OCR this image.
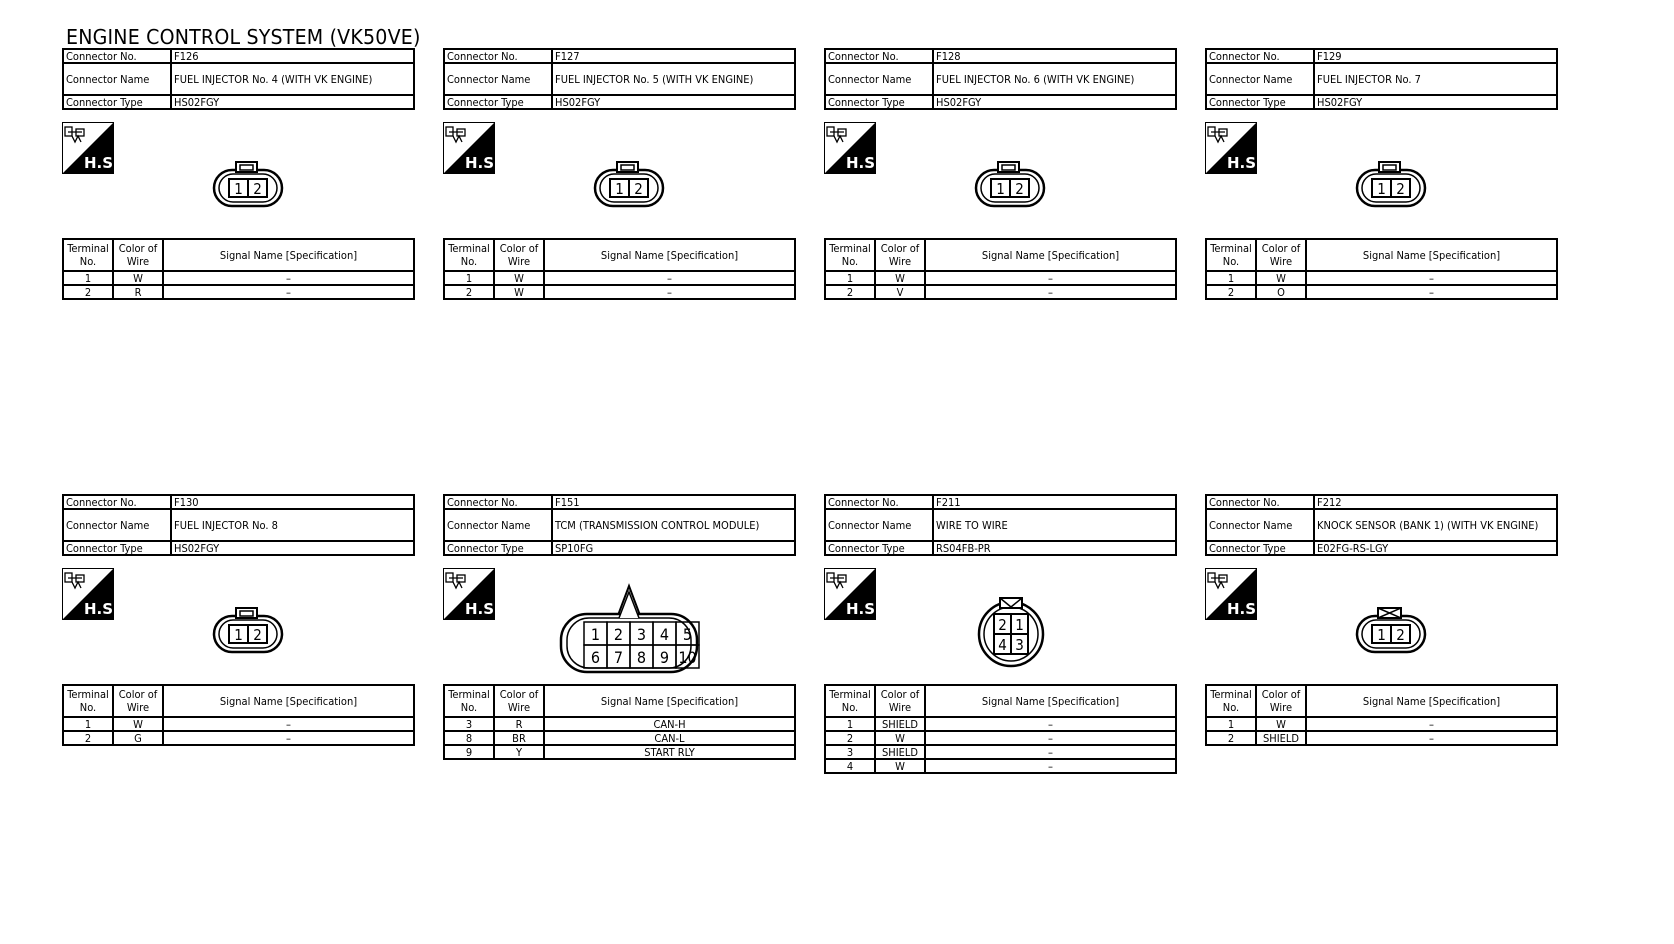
ENGINE CONTROL SYSTEM (VK50VE)
Connector No.	F126
Connector Name	FUEL INJECTOR No. 4 (WITH VK ENGINE)
Connector Type	HS02FGY
H.S.
1 2
Terminal No.	Color of Wire	Signal Name [Specification]
1	W	–
2	R	–
Connector No.	F127
Connector Name	FUEL INJECTOR No. 5 (WITH VK ENGINE)
Connector Type	HS02FGY
H.S.
1 2
Terminal No.	Color of Wire	Signal Name [Specification]
1	W	–
2	W	–
Connector No.	F128
Connector Name	FUEL INJECTOR No. 6 (WITH VK ENGINE)
Connector Type	HS02FGY
H.S.
1 2
Terminal No.	Color of Wire	Signal Name [Specification]
1	W	–
2	V	–
Connector No.	F129
Connector Name	FUEL INJECTOR No. 7
Connector Type	HS02FGY
H.S.
1 2
Terminal No.	Color of Wire	Signal Name [Specification]
1	W	–
2	O	–
Connector No.	F130
Connector Name	FUEL INJECTOR No. 8
Connector Type	HS02FGY
H.S.
1 2
Terminal No.	Color of Wire	Signal Name [Specification]
1	W	–
2	G	–
Connector No.	F151
Connector Name	TCM (TRANSMISSION CONTROL MODULE)
Connector Type	SP10FG
H.S.
1 2 3 4 5
6 7 8 9 10
Terminal No.	Color of Wire	Signal Name [Specification]
3	R	CAN-H
8	BR	CAN-L
9	Y	START RLY
Connector No.	F211
Connector Name	WIRE TO WIRE
Connector Type	RS04FB-PR
H.S.
2 1
4 3
Terminal No.	Color of Wire	Signal Name [Specification]
1	SHIELD	–
2	W	–
3	SHIELD	–
4	W	–
Connector No.	F212
Connector Name	KNOCK SENSOR (BANK 1) (WITH VK ENGINE)
Connector Type	E02FG-RS-LGY
H.S.
1 2
Terminal No.	Color of Wire	Signal Name [Specification]
1	W	–
2	SHIELD	–
